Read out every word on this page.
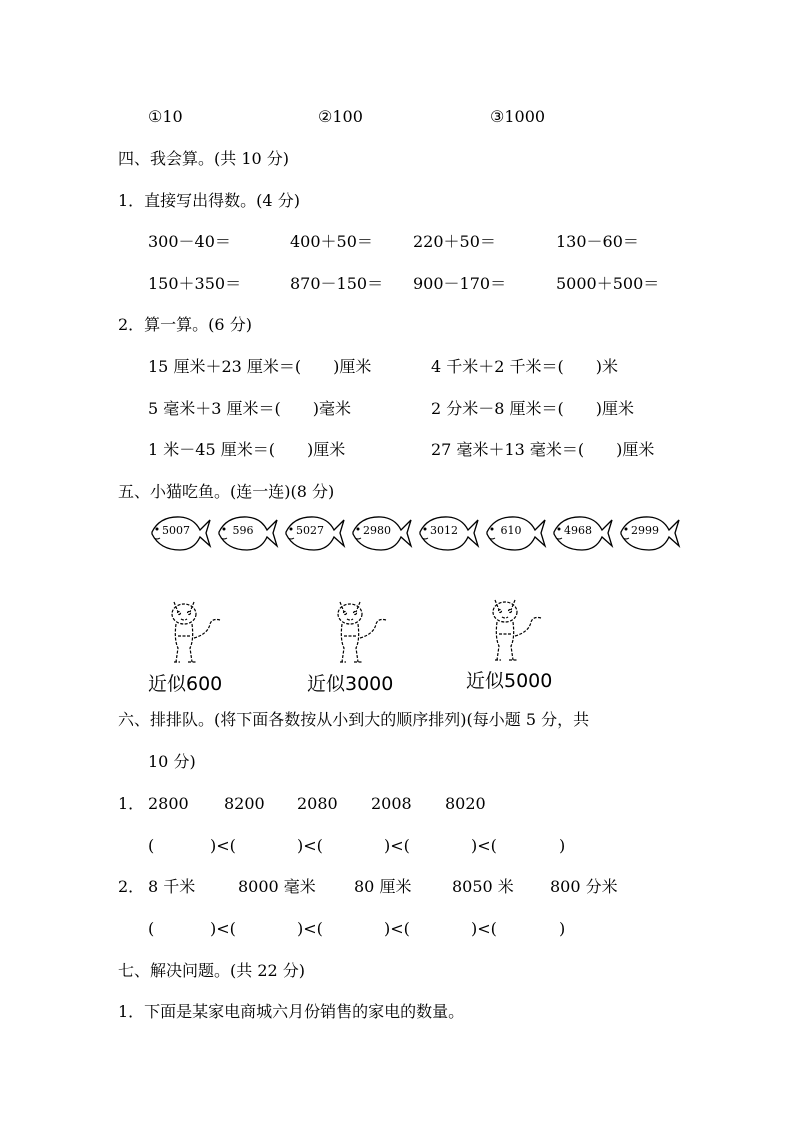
①10	②100	③1000
四、我会算。(共 10 分)
1．直接写出得数。(4 分)
300－40＝	400＋50＝	220＋50＝	130－60＝
150＋350＝	870－150＝ 900－170＝	5000＋500＝
2．算一算。(6 分)
15 厘米＋23 厘米＝(　　)厘米	4 千米＋2 千米＝(　　)米
5 毫米＋3 厘米＝(　　)毫米	2 分米－8 厘米＝(　　)厘米
1 米－45 厘米＝(　　)厘米	27 毫米＋13 毫米＝(　　)厘米
五、小猫吃鱼。(连一连)(8 分)
5007	596	5027	2980	3012	610	4968	2999
近似600	近似3000	近似5000
六、排排队。(将下面各数按从小到大的顺序排列)(每小题 5 分，共
10 分)
1． 2800 8200 2080 2008 8020
(	)<(	)<(	)<(	)<(	)
2． 8 千米	8000 毫米 80 厘米	8050 米 800 分米
(	)<(	)<(	)<(	)<(	)
七、解决问题。(共 22 分)
1．下面是某家电商城六月份销售的家电的数量。
